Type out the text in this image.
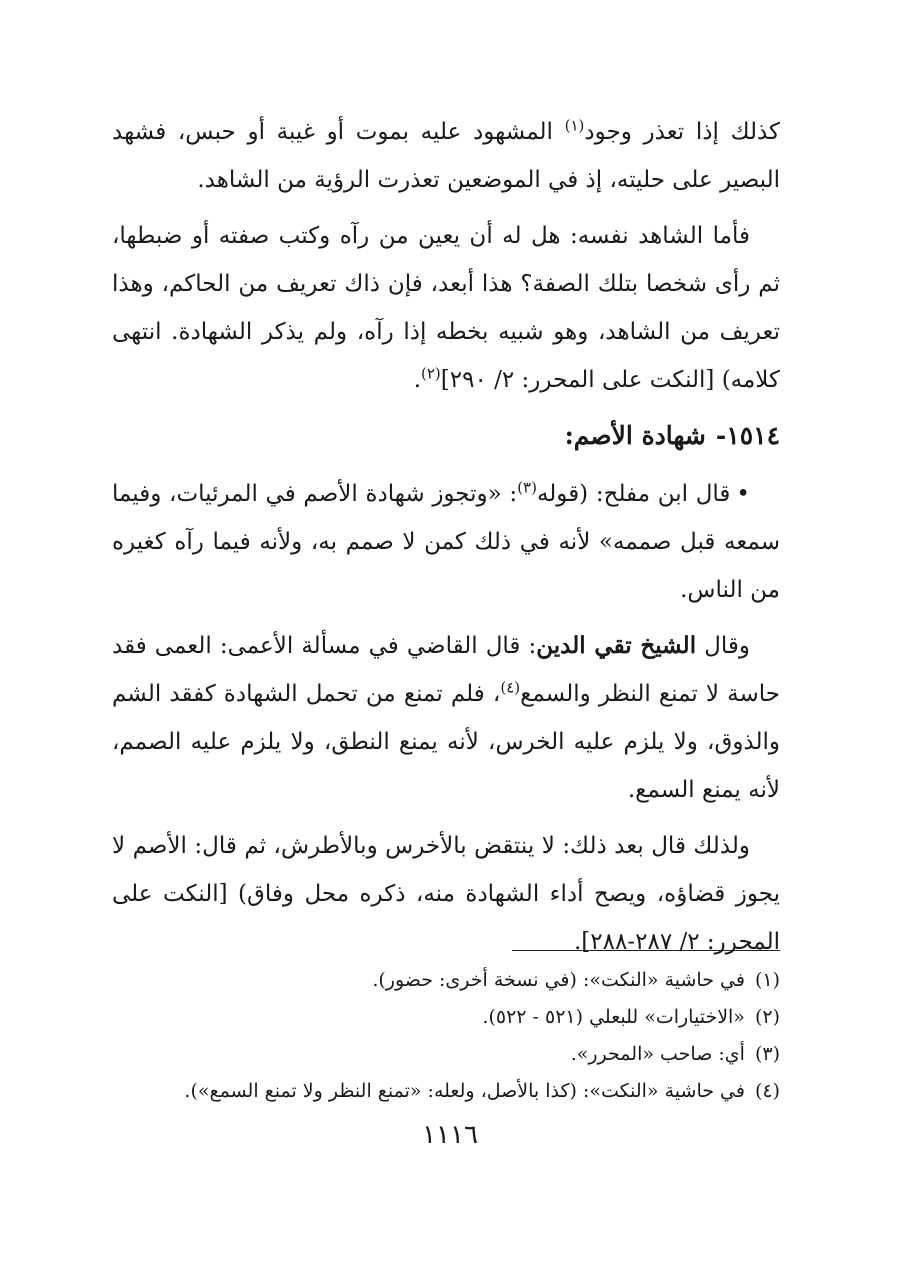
كذلك إذا تعذر وجود$^{(١)}$ المشهود عليه بموت أو غيبة أو حبس، فشهد البصير على حليته، إذ في الموضعين تعذرت الرؤية من الشاهد.

فأما الشاهد نفسه: هل له أن يعين من رآه وكتب صفته أو ضبطها، ثم رأى شخصا بتلك الصفة؟ هذا أبعد، فإن ذاك تعريف من الحاكم، وهذا تعريف من الشاهد، وهو شبيه بخطه إذا رآه، ولم يذكر الشهادة. انتهى كلامه) [النكت على المحرر: ٢/ ٢٩٠]$^{(٢)}$.

١٥١٤-شهادة الأصم:

•قال ابن مفلح: (قوله$^{(٣)}$: «وتجوز شهادة الأصم في المرئيات، وفيما سمعه قبل صممه» لأنه في ذلك كمن لا صمم به، ولأنه فيما رآه كغيره من الناس.

وقال الشيخ تقي الدين: قال القاضي في مسألة الأعمى: العمى فقد حاسة لا تمنع النظر والسمع$^{(٤)}$، فلم تمنع من تحمل الشهادة كفقد الشم والذوق، ولا يلزم عليه الخرس، لأنه يمنع النطق، ولا يلزم عليه الصمم، لأنه يمنع السمع.

ولذلك قال بعد ذلك: لا ينتقض بالأخرس وبالأطرش، ثم قال: الأصم لا يجوز قضاؤه، ويصح أداء الشهادة منه، ذكره محل وفاق) [النكت على المحرر: ٢/ ٢٨٧-٢٨٨].

(١)في حاشية «النكت»: (في نسخة أخرى: حضور).
(٢)«الاختيارات» للبعلي (٥٢١ - ٥٢٢).
(٣)أي: صاحب «المحرر».
(٤)في حاشية «النكت»: (كذا بالأصل، ولعله: «تمنع النظر ولا تمنع السمع»).
١١١٦
